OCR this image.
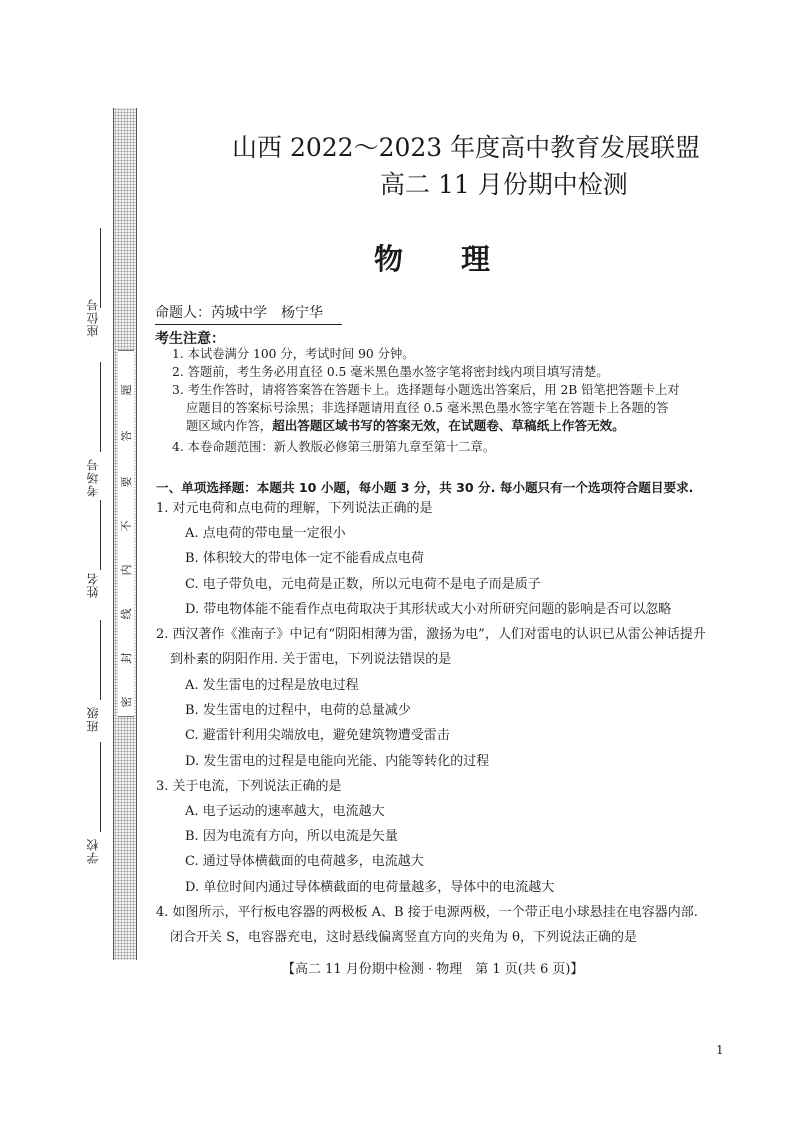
座位号
考场号
姓名
班级
学校
密
封
线
内
不
要
答
题
山西 2022～2023 年度高中教育发展联盟
高二 11 月份期中检测
物理
命题人：芮城中学　杨宁华
考生注意：
1. 本试卷满分 100 分，考试时间 90 分钟。
2. 答题前，考生务必用直径 0.5 毫米黑色墨水签字笔将密封线内项目填写清楚。
3. 考生作答时，请将答案答在答题卡上。选择题每小题选出答案后，用 2B 铅笔把答题卡上对
应题目的答案标号涂黑；非选择题请用直径 0.5 毫米黑色墨水签字笔在答题卡上各题的答
题区域内作答，超出答题区域书写的答案无效，在试题卷、草稿纸上作答无效。
4. 本卷命题范围：新人教版必修第三册第九章至第十二章。
一、单项选择题：本题共 10 小题，每小题 3 分，共 30 分. 每小题只有一个选项符合题目要求.
1. 对元电荷和点电荷的理解，下列说法正确的是
A. 点电荷的带电量一定很小
B. 体积较大的带电体一定不能看成点电荷
C. 电子带负电，元电荷是正数，所以元电荷不是电子而是质子
D. 带电物体能不能看作点电荷取决于其形状或大小对所研究问题的影响是否可以忽略
2. 西汉著作《淮南子》中记有“阴阳相薄为雷，激扬为电”，人们对雷电的认识已从雷公神话提升
到朴素的阴阳作用. 关于雷电，下列说法错误的是
A. 发生雷电的过程是放电过程
B. 发生雷电的过程中，电荷的总量减少
C. 避雷针利用尖端放电，避免建筑物遭受雷击
D. 发生雷电的过程是电能向光能、内能等转化的过程
3. 关于电流，下列说法正确的是
A. 电子运动的速率越大，电流越大
B. 因为电流有方向，所以电流是矢量
C. 通过导体横截面的电荷越多，电流越大
D. 单位时间内通过导体横截面的电荷量越多，导体中的电流越大
4. 如图所示，平行板电容器的两极板 A、B 接于电源两极，一个带正电小球悬挂在电容器内部.
闭合开关 S，电容器充电，这时悬线偏离竖直方向的夹角为 θ，下列说法正确的是
【高二 11 月份期中检测 · 物理　第 1 页(共 6 页)】
1
